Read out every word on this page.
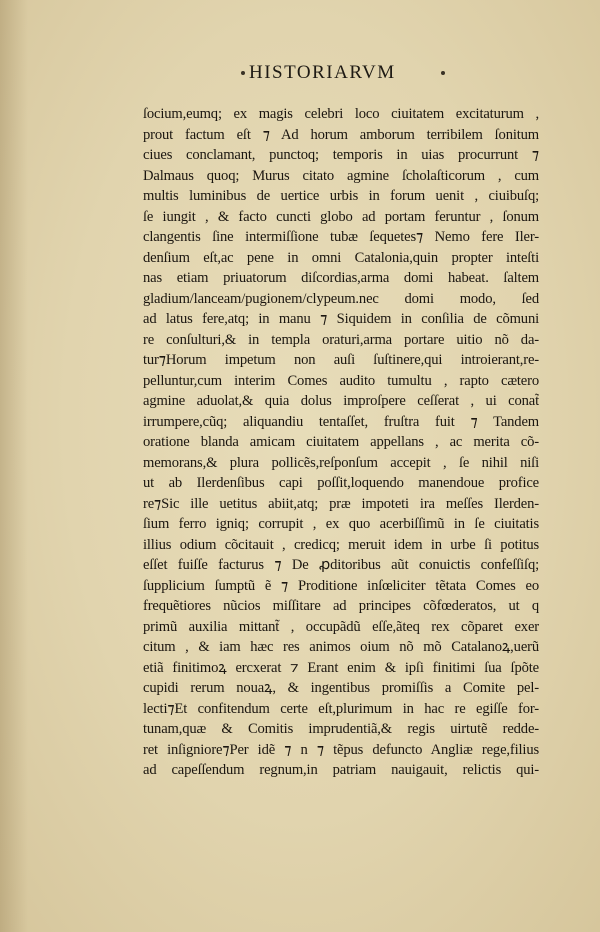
HISTORIARVM
ſocium,eumq; ex magis celebri loco ciuitatem excitaturum ,
prout factum eſt ⁊ Ad horum amborum terribilem ſonitum
ciues conclamant, punctoq; temporis in uias procurrunt ⁊
Dalmaus quoq; Murus citato agmine ſcholaſticorum , cum
multis luminibus de uertice urbis in forum uenit , ciuibuſq;
ſe iungit , & facto cuncti globo ad portam feruntur , ſonum
clangentis ſine intermiſſione tubæ ſequetes⁊ Nemo fere Iler-
denſium eſt,ac pene in omni Catalonia,quin propter inteſti
nas etiam priuatorum diſcordias,arma domi habeat. ſaltem
gladium/lanceam/pugionem/clypeum.nec domi modo, ſed
ad latus fere,atq; in manu ⁊ Siquidem in conſilia de cõmuni
re conſulturi,& in templa oraturi,arma portare uitio nõ da-
tur⁊Horum impetum non auſi ſuſtinere,qui introierant,re-
pelluntur,cum interim Comes audito tumultu , rapto cætero
agmine aduolat,& quia dolus improſpere ceſſerat , ui conat̃
irrumpere,cũq; aliquandiu tentaſſet, fruſtra fuit ⁊ Tandem
oratione blanda amicam ciuitatem appellans , ac merita cõ-
memorans,& plura pollicẽs,reſponſum accepit , ſe nihil niſi
ut ab Ilerdenſibus capi poſſit,loquendo manendoue profice
re⁊Sic ille uetitus abiit,atq; præ impoteti ira meſſes Ilerden-
ſium ferro igniq; corrupit , ex quo acerbiſſimũ in ſe ciuitatis
illius odium cõcitauit , credicq; meruit idem in urbe ſi potitus
eſſet fuiſſe facturus ⁊ De ꝓditoribus aũt conuictis confeſſiſq;
ſupplicium ſumptũ ẽ ⁊ Proditione inſœliciter tẽtata Comes eo
frequẽtiores nũcios miſſitare ad principes cõfœderatos, ut q
primũ auxilia mittant̃ , occupãdũ eſſe,ãteq rex cõparet exer
citum , & iam hæc res animos oium nõ mõ Catalanoꝝ,uerũ
etiã finitimoꝝ ercxerat ⁊ Erant enim & ipſi finitimi ſua ſpõte
cupidi rerum nouaꝝ, & ingentibus promiſſis a Comite pel-
lecti⁊Et confitendum certe eſt,plurimum in hac re egiſſe for-
tunam,quæ & Comitis imprudentiã,& regis uirtutẽ redde-
ret inſigniore⁊Per idẽ ⁊ n ⁊ tẽpus defuncto Angliæ rege,filius
ad capeſſendum regnum,in patriam nauigauit, relictis qui-
